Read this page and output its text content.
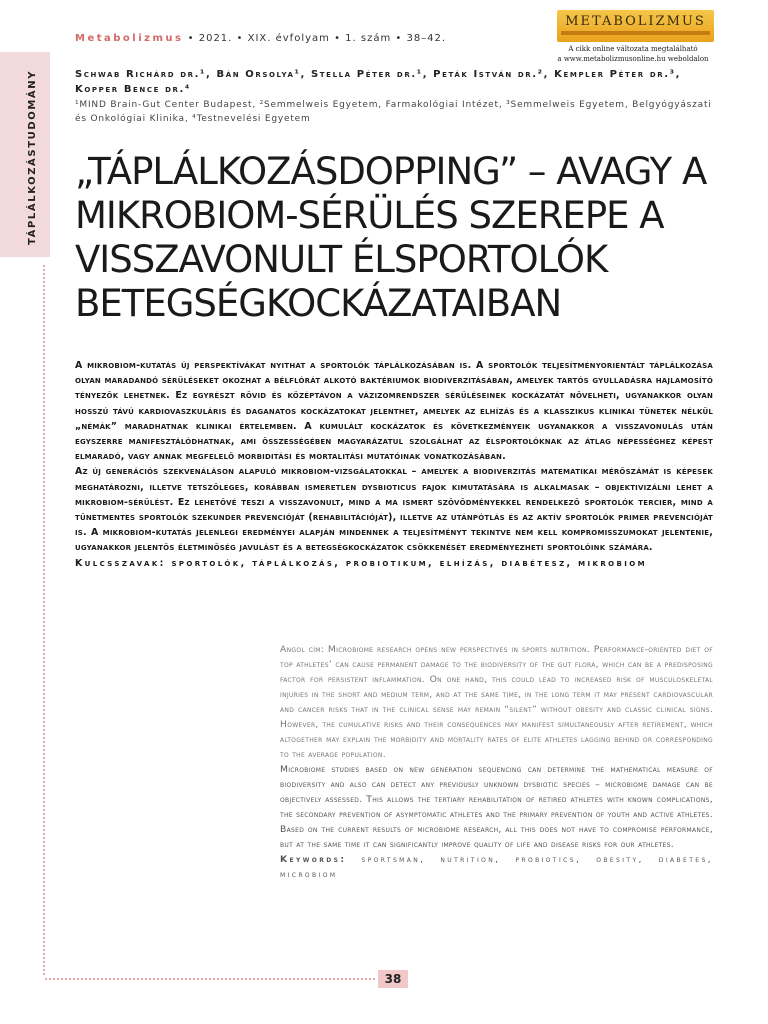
TÁPLÁLKOZÁSTUDOMÁNY
Metabolizmus • 2021. • XIX. évfolyam • 1. szám • 38–42.
METABOLIZMUS
A cikk online változata megtalálható
a www.metabolizmusonline.hu weboldalon
Schwab Richárd dr.¹, Bán Orsolya¹, Stella Péter dr.¹, Peták István dr.², Kempler Péter dr.³, Kopper Bence dr.⁴
¹MIND Brain-Gut Center Budapest, ²Semmelweis Egyetem, Farmakológiai Intézet, ³Semmelweis Egyetem, Belgyógyászati és Onkológiai Klinika, ⁴Testnevelési Egyetem
„TÁPLÁLKOZÁSDOPPING” – AVAGY A MIKROBIOM-SÉRÜLÉS SZEREPE A VISSZAVONULT ÉLSPORTOLÓK BETEGSÉGKOCKÁZATAIBAN

A mikrobiom-kutatás új perspektívákat nyithat a sportolók táplálkozásában is. A sportolók teljesítményorientált táplálkozása olyan maradandó sérüléseket okozhat a bélflórát alkotó baktériumok biodiverzitásában, amelyek tartós gyulladásra hajlamosító tényezők lehetnek. Ez egyrészt rövid és középtávon a vázizomrendszer sérüléseinek kockázatát növelheti, ugyanakkor olyan hosszú távú kardiovaszkuláris és daganatos kockázatokat jelenthet, amelyek az elhízás és a klasszikus klinikai tünetek nélkül „némák” maradhatnak klinikai értelemben. A kumulált kockázatok és következményeik ugyanakkor a visszavonulás után egyszerre manifesztálódhatnak, ami összességében magyarázatul szolgálhat az élsportolóknak az átlag népességhez képest elmaradó, vagy annak megfelelő morbiditási és mortalitási mutatóinak vonatkozásában.

Az új generációs szekvenáláson alapuló mikrobiom-vizsgálatokkal – amelyek a biodiverzitás matematikai mérőszámát is képesek meghatározni, illetve tetszőleges, korábban ismeretlen dysbioticus fajok kimutatására is alkalmasak – objektivizálni lehet a mikrobiom-sérülést. Ez lehetővé teszi a visszavonult, mind a ma ismert szövődményekkel rendelkező sportolók tercier, mind a tünetmentes sportolók szekunder prevencióját (rehabilitációját), illetve az utánpótlás és az aktív sportolók primer prevencióját is. A mikrobiom-kutatás jelenlegi eredményei alapján mindennek a teljesítményt tekintve nem kell kompromisszumokat jelentenie, ugyanakkor jelentős életminőség javulást és a betegségkockázatok csökkenését eredményezheti sportolóink számára.

Kulcsszavak: sportolók, táplálkozás, probiotikum, elhízás, diabétesz, mikrobiom

Angol cím: Microbiome research opens new perspectives in sports nutrition. Performance-oriented diet of top athletes’ can cause permanent damage to the biodiversity of the gut flora, which can be a predisposing factor for persistent inflammation. On one hand, this could lead to increased risk of musculoskeletal injuries in the short and medium term, and at the same time, in the long term it may present cardiovascular and cancer risks that in the clinical sense may remain “silent” without obesity and classic clinical signs. However, the cumulative risks and their consequences may manifest simultaneously after retirement, which altogether may explain the morbidity and mortality rates of elite athletes lagging behind or corresponding to the average population.

Microbiome studies based on new generation sequencing can determine the mathematical measure of biodiversity and also can detect any previously unknown dysbiotic species – microbiome damage can be objectively assessed. This allows the tertiary rehabilitation of retired athletes with known complications, the secondary prevention of asymptomatic athletes and the primary prevention of youth and active athletes. Based on the current results of microbiome research, all this does not have to compromise performance, but at the same time it can significantly improve quality of life and disease risks for our athletes.

Keywords: sportsman, nutrition, probiotics, obesity, diabetes, microbiom

38
